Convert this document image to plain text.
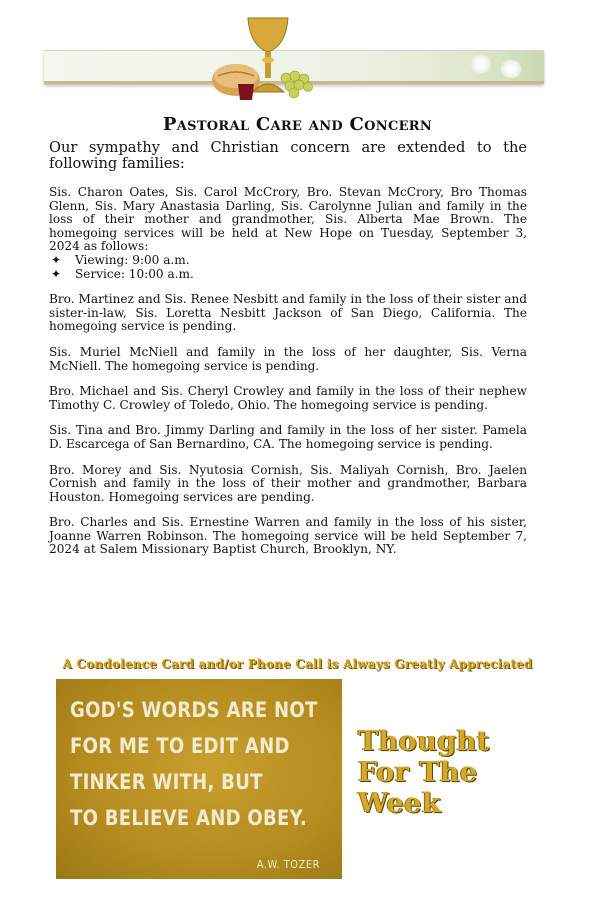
Pastoral Care and Concern
Our sympathy and Christian concern are extended to the following families:

Sis. Charon Oates, Sis. Carol McCrory, Bro. Stevan McCrory, Bro Thomas Glenn, Sis. Mary Anastasia Darling, Sis. Carolynne Julian and family in the loss of their mother and grandmother, Sis. Alberta Mae Brown. The homegoing services will be held at New Hope on Tuesday, September 3, 2024 as follows:

✦ Viewing: 9:00 a.m.
✦ Service: 10:00 a.m.

Bro. Martinez and Sis. Renee Nesbitt and family in the loss of their sister and sister-in-law, Sis. Loretta Nesbitt Jackson of San Diego, California. The homegoing service is pending.

Sis. Muriel McNiell and family in the loss of her daughter, Sis. Verna McNiell. The homegoing service is pending.

Bro. Michael and Sis. Cheryl Crowley and family in the loss of their nephew Timothy C. Crowley of Toledo, Ohio. The homegoing service is pending.

Sis. Tina and Bro. Jimmy Darling and family in the loss of her sister. Pamela D. Escarcega of San Bernardino, CA. The homegoing service is pending.

Bro. Morey and Sis. Nyutosia Cornish, Sis. Maliyah Cornish, Bro. Jaelen Cornish and family in the loss of their mother and grandmother, Barbara Houston. Homegoing services are pending.

Bro. Charles and Sis. Ernestine Warren and family in the loss of his sister, Joanne Warren Robinson. The homegoing service will be held September 7, 2024 at Salem Missionary Baptist Church, Brooklyn, NY.

A Condolence Card and/or Phone Call is Always Greatly Appreciated
GOD'S WORDS ARE NOT
FOR ME TO EDIT AND
TINKER WITH, BUT
TO BELIEVE AND OBEY.
A.W. TOZER
Thought
For The
Week
